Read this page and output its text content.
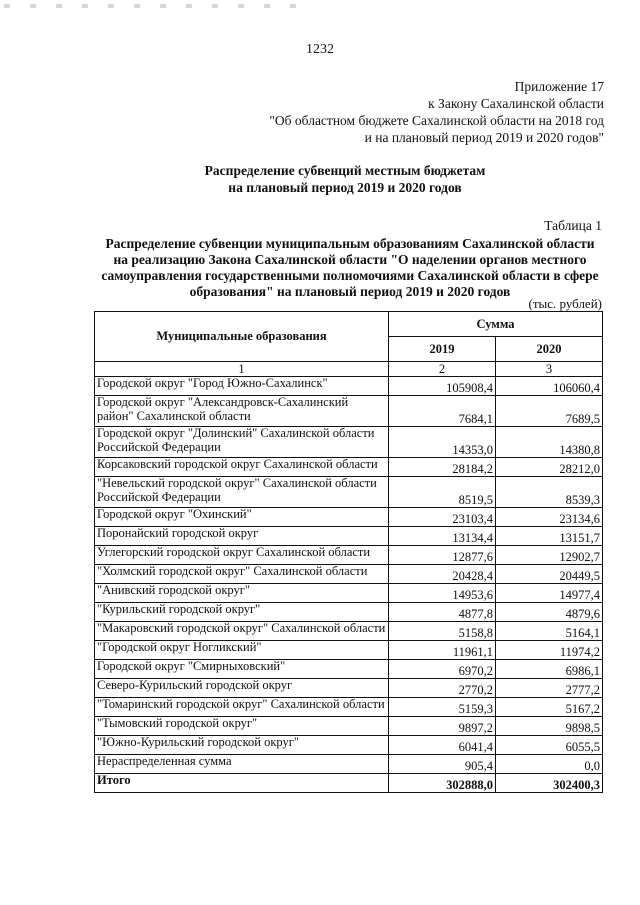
1232
Приложение 17
к Закону Сахалинской области
"Об областном бюджете Сахалинской области на 2018 год
и на плановый период 2019 и 2020 годов"
Распределение субвенций местным бюджетам
на плановый период 2019 и 2020 годов
Таблица 1
Распределение субвенции муниципальным образованиям Сахалинской области на реализацию Закона Сахалинской области "О наделении органов местного самоуправления государственными полномочиями Сахалинской области в сфере образования" на плановый период 2019 и 2020 годов
(тыс. рублей)
Муниципальные образования	Сумма	
	2019	2020
1	2	3
Городской округ "Город Южно-Сахалинск"	105908,4	106060,4
Городской округ "Александровск-Сахалинский район" Сахалинской области	7684,1	7689,5
Городской округ "Долинский" Сахалинской области Российской Федерации	14353,0	14380,8
Корсаковский городской округ Сахалинской области	28184,2	28212,0
"Невельский городской округ" Сахалинской области Российской Федерации	8519,5	8539,3
Городской округ "Охинский"	23103,4	23134,6
Поронайский городской округ	13134,4	13151,7
Углегорский городской округ Сахалинской области	12877,6	12902,7
"Холмский городской округ" Сахалинской области	20428,4	20449,5
"Анивский городской округ"	14953,6	14977,4
"Курильский городской округ"	4877,8	4879,6
"Макаровский городской округ" Сахалинской области	5158,8	5164,1
"Городской округ Ногликский"	11961,1	11974,2
Городской округ "Смирныховский"	6970,2	6986,1
Северо-Курильский городской округ	2770,2	2777,2
"Томаринский городской округ" Сахалинской области	5159,3	5167,2
"Тымовский городской округ"	9897,2	9898,5
"Южно-Курильский городской округ"	6041,4	6055,5
Нераспределенная сумма	905,4	0,0
Итого	302888,0	302400,3
